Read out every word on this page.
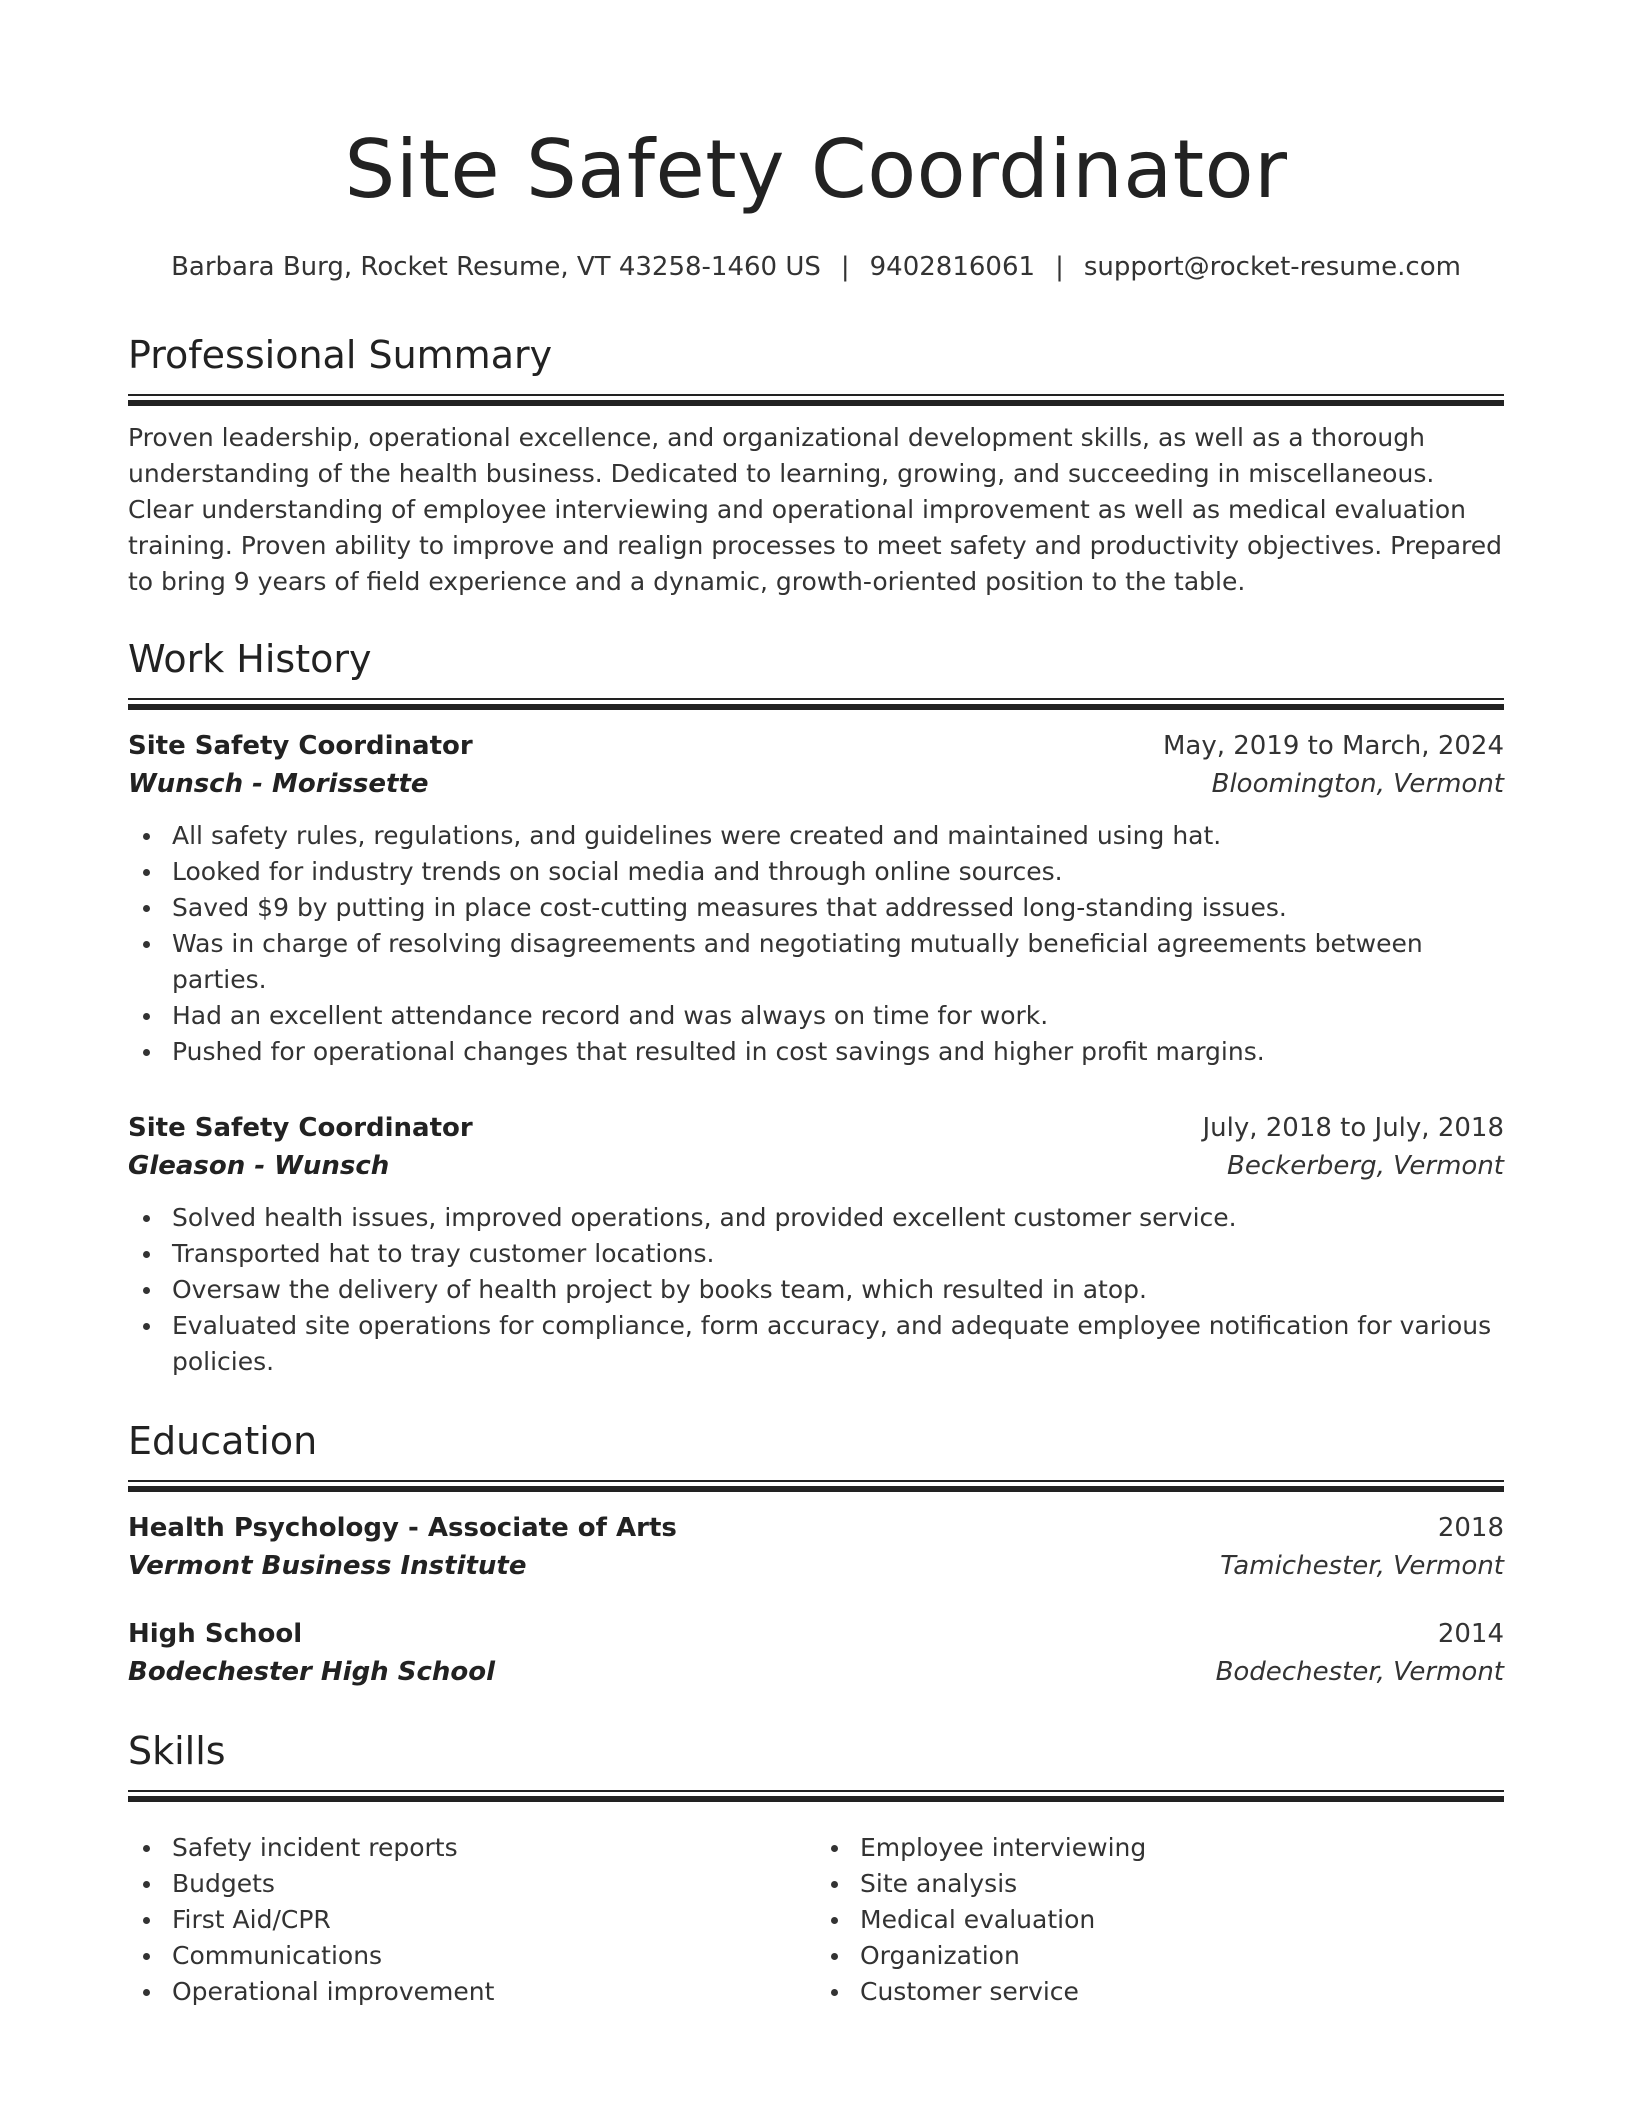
Site Safety Coordinator
Barbara Burg, Rocket Resume, VT 43258-1460 US | 9402816061 | support@rocket-resume.com
Professional Summary

Proven leadership, operational excellence, and organizational development skills, as well as a thorough understanding of the health business. Dedicated to learning, growing, and succeeding in miscellaneous. Clear understanding of employee interviewing and operational improvement as well as medical evaluation training. Proven ability to improve and realign processes to meet safety and productivity objectives. Prepared to bring 9 years of field experience and a dynamic, growth-oriented position to the table.

Work History
Site Safety Coordinator	May, 2019 to March, 2024
Wunsch - Morissette	Bloomington, Vermont
All safety rules, regulations, and guidelines were created and maintained using hat.
Looked for industry trends on social media and through online sources.
Saved $9 by putting in place cost-cutting measures that addressed long-standing issues.
Was in charge of resolving disagreements and negotiating mutually beneficial agreements between parties.
Had an excellent attendance record and was always on time for work.
Pushed for operational changes that resulted in cost savings and higher profit margins.
Site Safety Coordinator	July, 2018 to July, 2018
Gleason - Wunsch	Beckerberg, Vermont
Solved health issues, improved operations, and provided excellent customer service.
Transported hat to tray customer locations.
Oversaw the delivery of health project by books team, which resulted in atop.
Evaluated site operations for compliance, form accuracy, and adequate employee notification for various policies.
Education
Health Psychology - Associate of Arts	2018
Vermont Business Institute	Tamichester, Vermont
High School	2014
Bodechester High School	Bodechester, Vermont
Skills
Safety incident reports
Budgets
First Aid/CPR
Communications
Operational improvement
Employee interviewing
Site analysis
Medical evaluation
Organization
Customer service
